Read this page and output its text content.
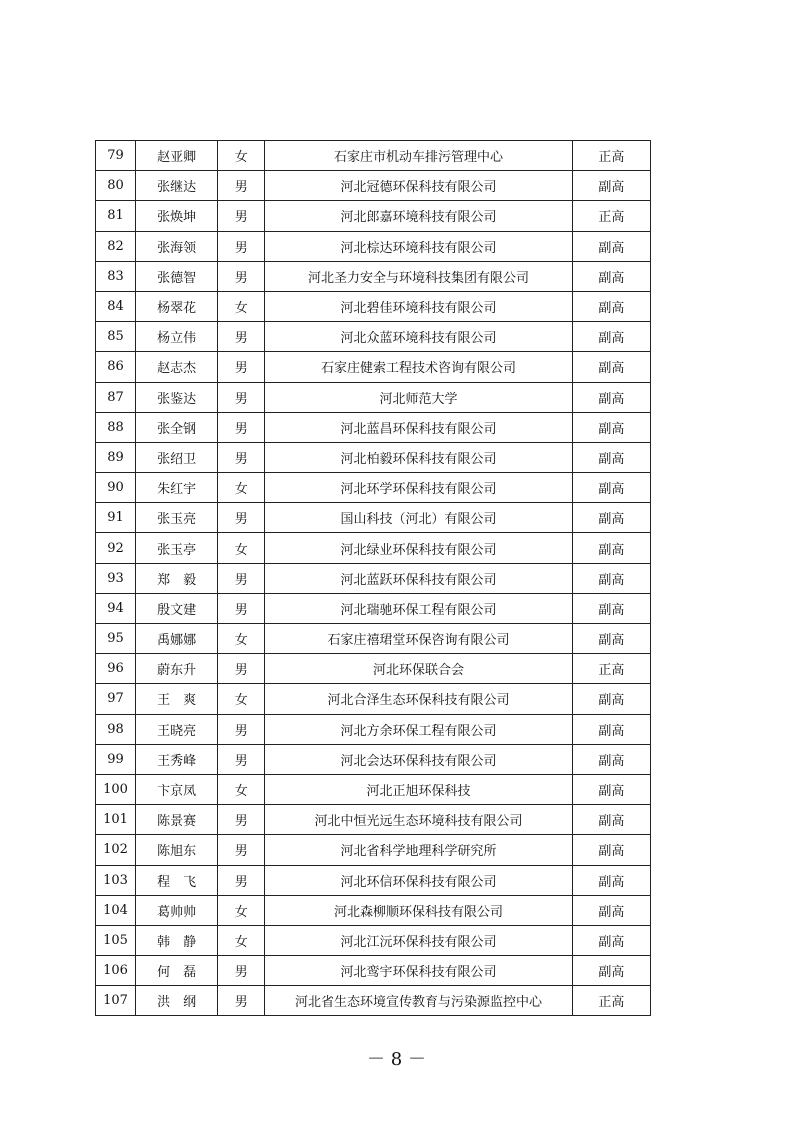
79	赵亚卿	女	石家庄市机动车排污管理中心	正高
80	张继达	男	河北冠德环保科技有限公司	副高
81	张焕坤	男	河北郎嘉环境科技有限公司	正高
82	张海领	男	河北棕达环境科技有限公司	副高
83	张德智	男	河北圣力安全与环境科技集团有限公司	副高
84	杨翠花	女	河北碧佳环境科技有限公司	副高
85	杨立伟	男	河北众蓝环境科技有限公司	副高
86	赵志杰	男	石家庄健索工程技术咨询有限公司	副高
87	张鉴达	男	河北师范大学	副高
88	张全钢	男	河北蓝昌环保科技有限公司	副高
89	张绍卫	男	河北柏毅环保科技有限公司	副高
90	朱红宇	女	河北环学环保科技有限公司	副高
91	张玉亮	男	国山科技（河北）有限公司	副高
92	张玉亭	女	河北绿业环保科技有限公司	副高
93	郑　毅	男	河北蓝跃环保科技有限公司	副高
94	殷文建	男	河北瑞驰环保工程有限公司	副高
95	禹娜娜	女	石家庄禧珺堂环保咨询有限公司	副高
96	蔚东升	男	河北环保联合会	正高
97	王　爽	女	河北合泽生态环保科技有限公司	副高
98	王晓亮	男	河北方余环保工程有限公司	副高
99	王秀峰	男	河北会达环保科技有限公司	副高
100	卞京凤	女	河北正旭环保科技	副高
101	陈景赛	男	河北中恒光远生态环境科技有限公司	副高
102	陈旭东	男	河北省科学地理科学研究所	副高
103	程　飞	男	河北环信环保科技有限公司	副高
104	葛帅帅	女	河北森柳顺环保科技有限公司	副高
105	韩　静	女	河北江沅环保科技有限公司	副高
106	何　磊	男	河北鸾宇环保科技有限公司	副高
107	洪　纲	男	河北省生态环境宣传教育与污染源监控中心	正高
－ 8 －
